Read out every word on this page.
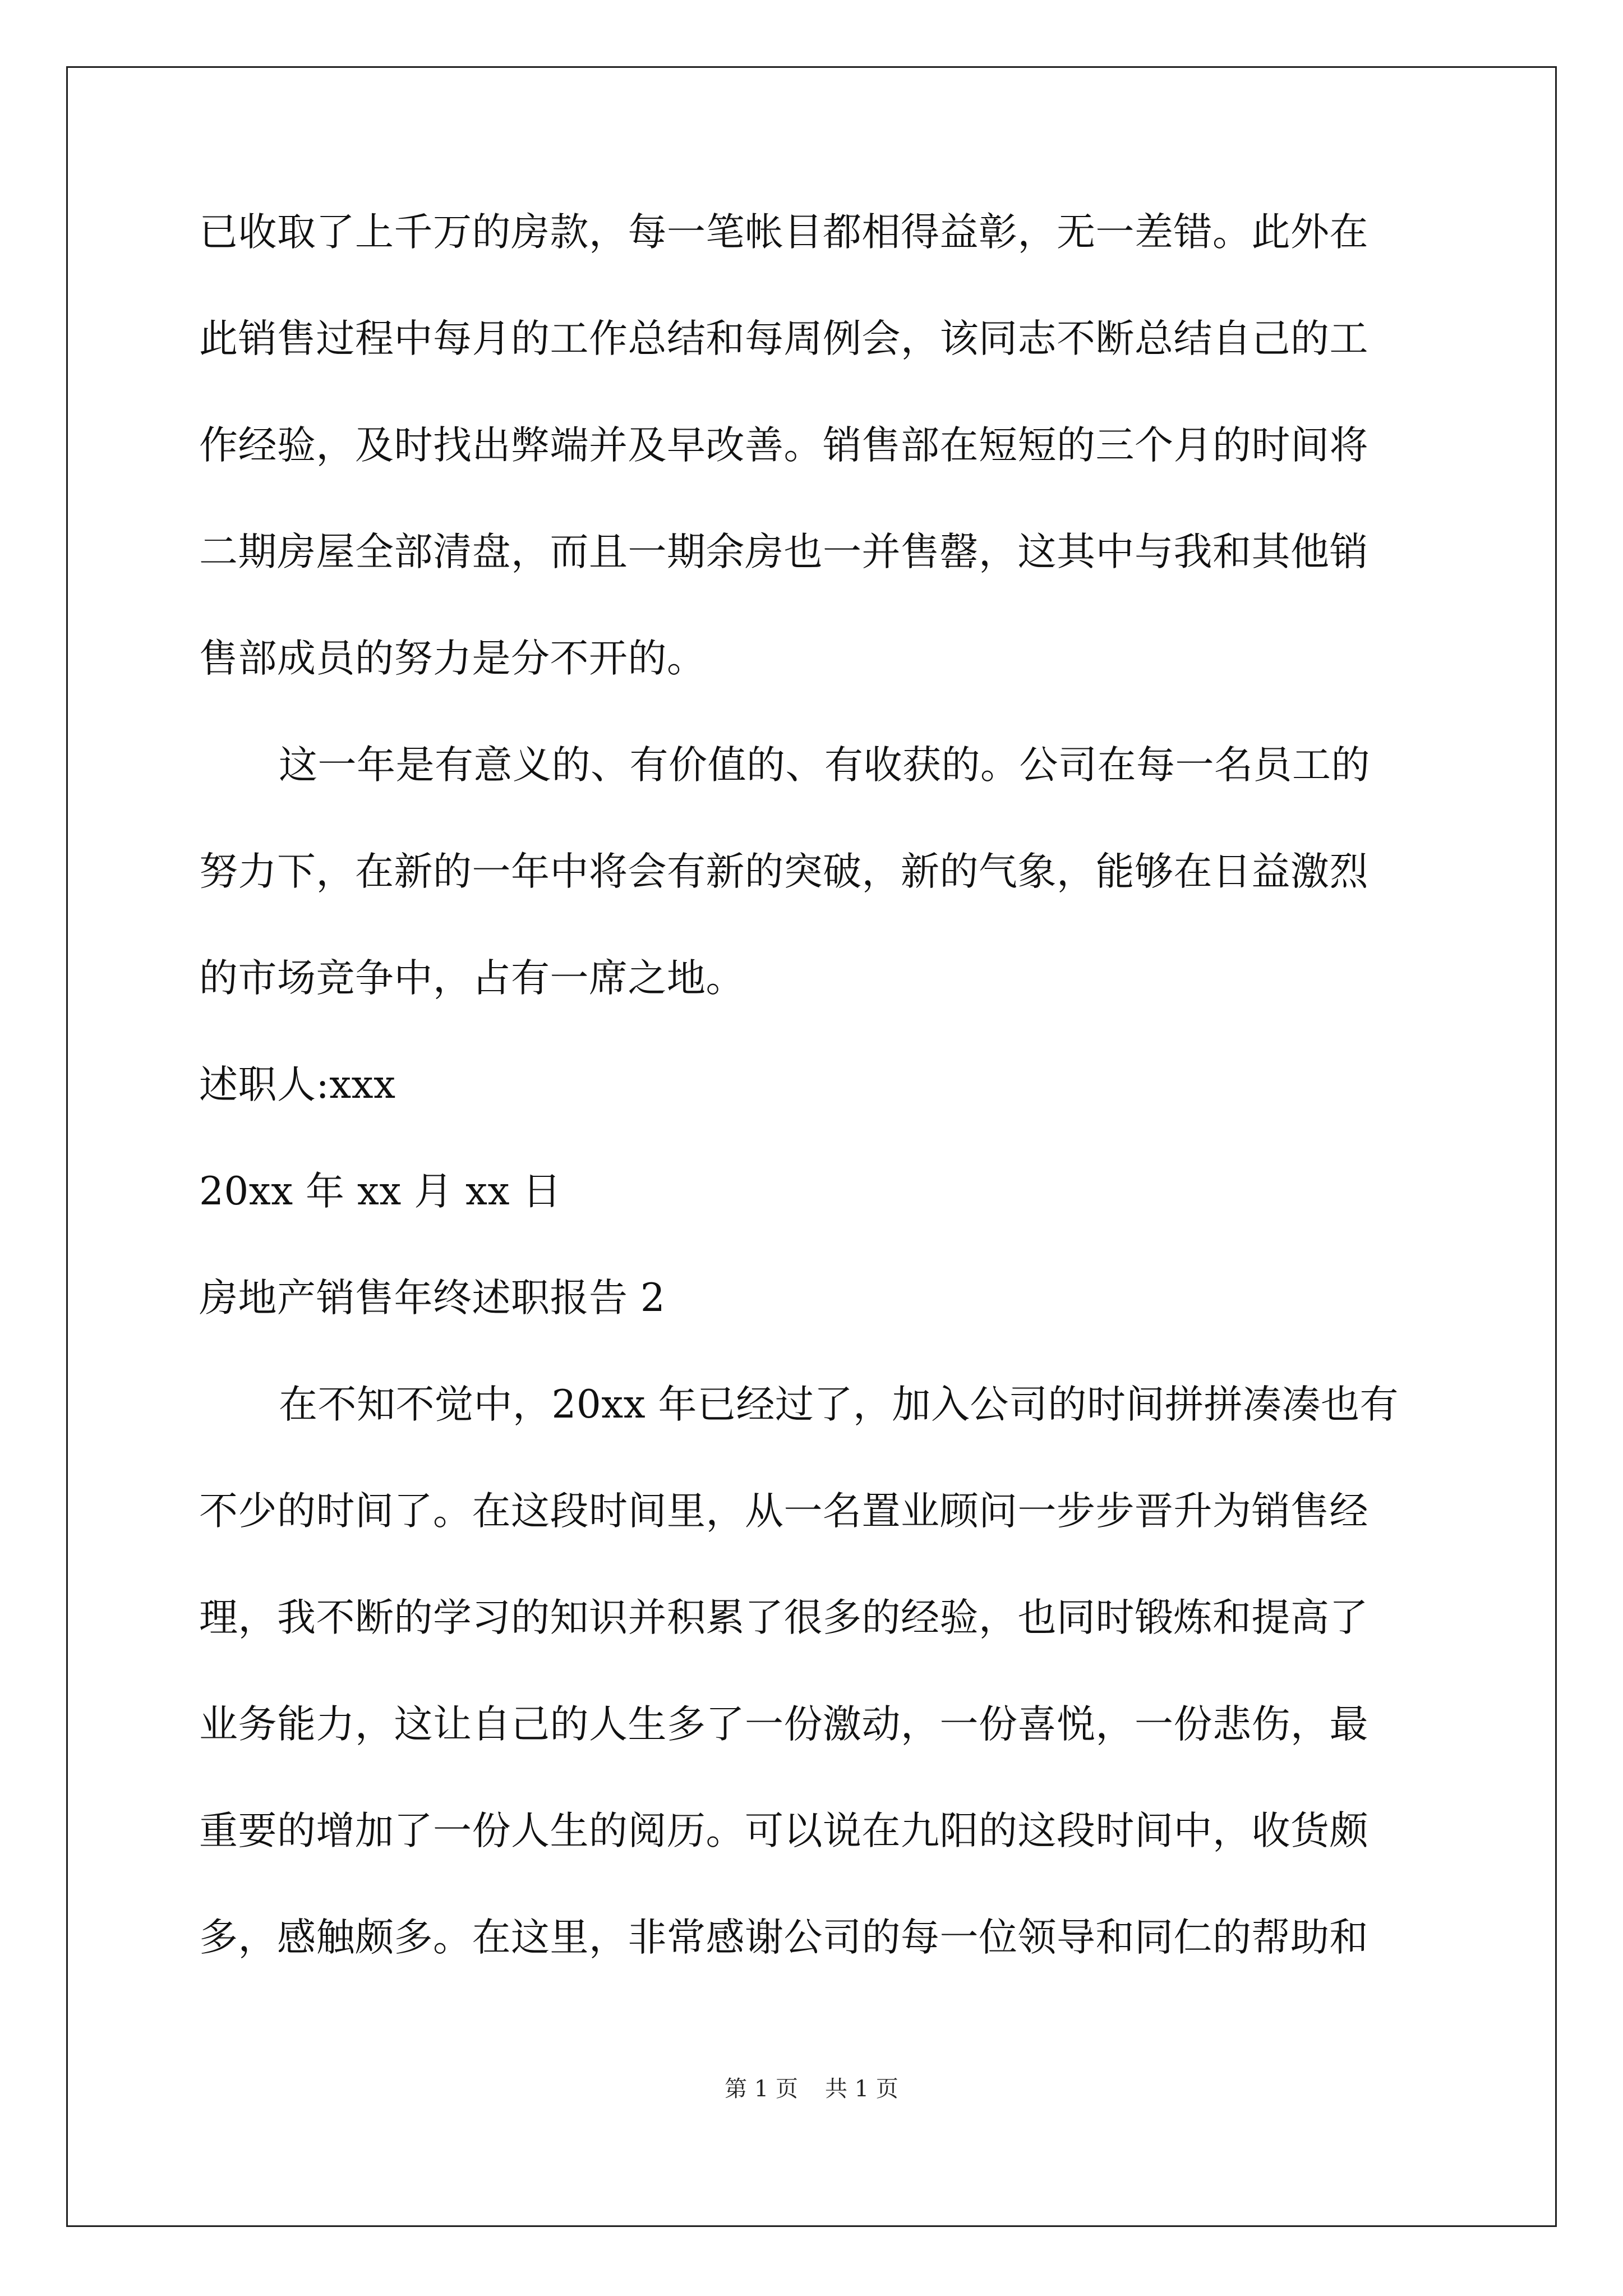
已收取了上千万的房款，每一笔帐目都相得益彰，无一差错。此外在
此销售过程中每月的工作总结和每周例会，该同志不断总结自己的工
作经验，及时找出弊端并及早改善。销售部在短短的三个月的时间将
二期房屋全部清盘，而且一期余房也一并售罄，这其中与我和其他销
售部成员的努力是分不开的。
这一年是有意义的、有价值的、有收获的。公司在每一名员工的
努力下，在新的一年中将会有新的突破，新的气象，能够在日益激烈
的市场竞争中，占有一席之地。
述职人:xxx
20xx 年 xx 月 xx 日
房地产销售年终述职报告 2
在不知不觉中，20xx 年已经过了，加入公司的时间拼拼凑凑也有
不少的时间了。在这段时间里，从一名置业顾问一步步晋升为销售经
理，我不断的学习的知识并积累了很多的经验，也同时锻炼和提高了
业务能力，这让自己的人生多了一份激动，一份喜悦，一份悲伤，最
重要的增加了一份人生的阅历。可以说在九阳的这段时间中，收货颇
多，感触颇多。在这里，非常感谢公司的每一位领导和同仁的帮助和
第 1 页 共 1 页
